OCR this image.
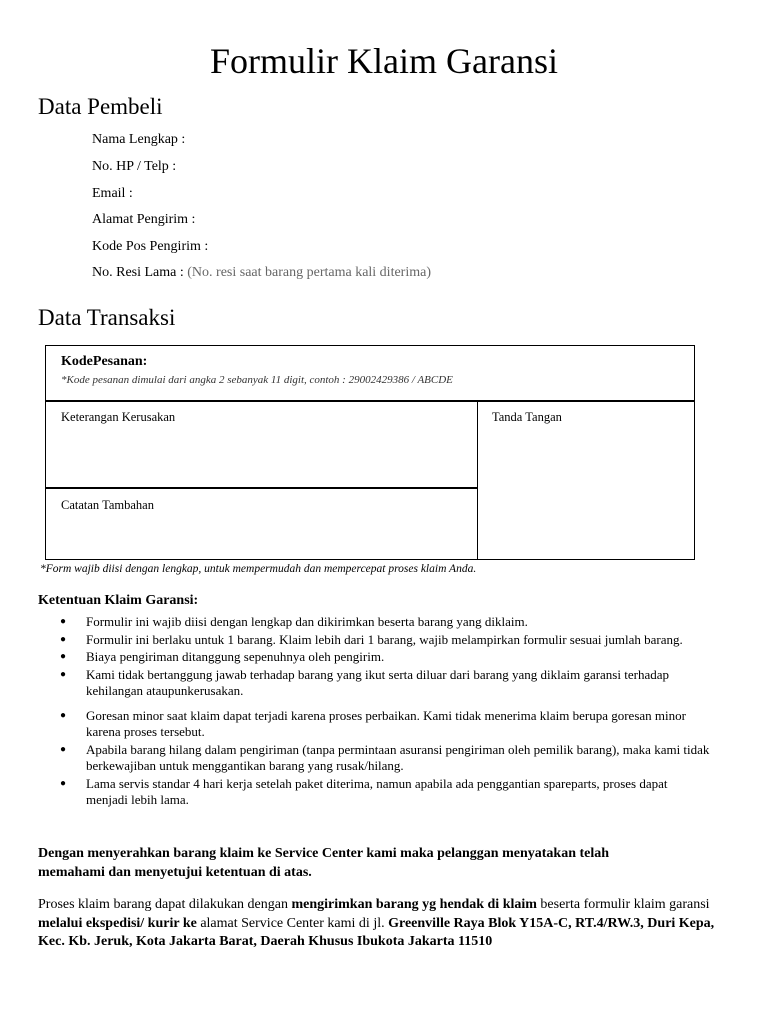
Formulir Klaim Garansi
Data Pembeli
Nama Lengkap :
No. HP / Telp :
Email :
Alamat Pengirim :
Kode Pos Pengirim :
No. Resi Lama : (No. resi saat barang pertama kali diterima)
Data Transaksi
KodePesanan:
*Kode pesanan dimulai dari angka 2 sebanyak 11 digit, contoh : 29002429386 / ABCDE
Keterangan Kerusakan	Tanda Tangan
Catatan Tambahan
*Form wajib diisi dengan lengkap, untuk mempermudah dan mempercepat proses klaim Anda.
Ketentuan Klaim Garansi:
● Formulir ini wajib diisi dengan lengkap dan dikirimkan beserta barang yang diklaim.
● Formulir ini berlaku untuk 1 barang. Klaim lebih dari 1 barang, wajib melampirkan formulir sesuai jumlah barang.
● Biaya pengiriman ditanggung sepenuhnya oleh pengirim.
● Kami tidak bertanggung jawab terhadap barang yang ikut serta diluar dari barang yang diklaim garansi terhadap kehilangan ataupunkerusakan.
● Goresan minor saat klaim dapat terjadi karena proses perbaikan. Kami tidak menerima klaim berupa goresan minor karena proses tersebut.
● Apabila barang hilang dalam pengiriman (tanpa permintaan asuransi pengiriman oleh pemilik barang), maka kami tidak berkewajiban untuk menggantikan barang yang rusak/hilang.
● Lama servis standar 4 hari kerja setelah paket diterima, namun apabila ada penggantian spareparts, proses dapat menjadi lebih lama.
Dengan menyerahkan barang klaim ke Service Center kami maka pelanggan menyatakan telah memahami dan menyetujui ketentuan di atas.
Proses klaim barang dapat dilakukan dengan mengirimkan barang yg hendak di klaim beserta formulir klaim garansi melalui ekspedisi/ kurir ke alamat Service Center kami di jl. Greenville Raya Blok Y15A-C, RT.4/RW.3, Duri Kepa, Kec. Kb. Jeruk, Kota Jakarta Barat, Daerah Khusus Ibukota Jakarta 11510
